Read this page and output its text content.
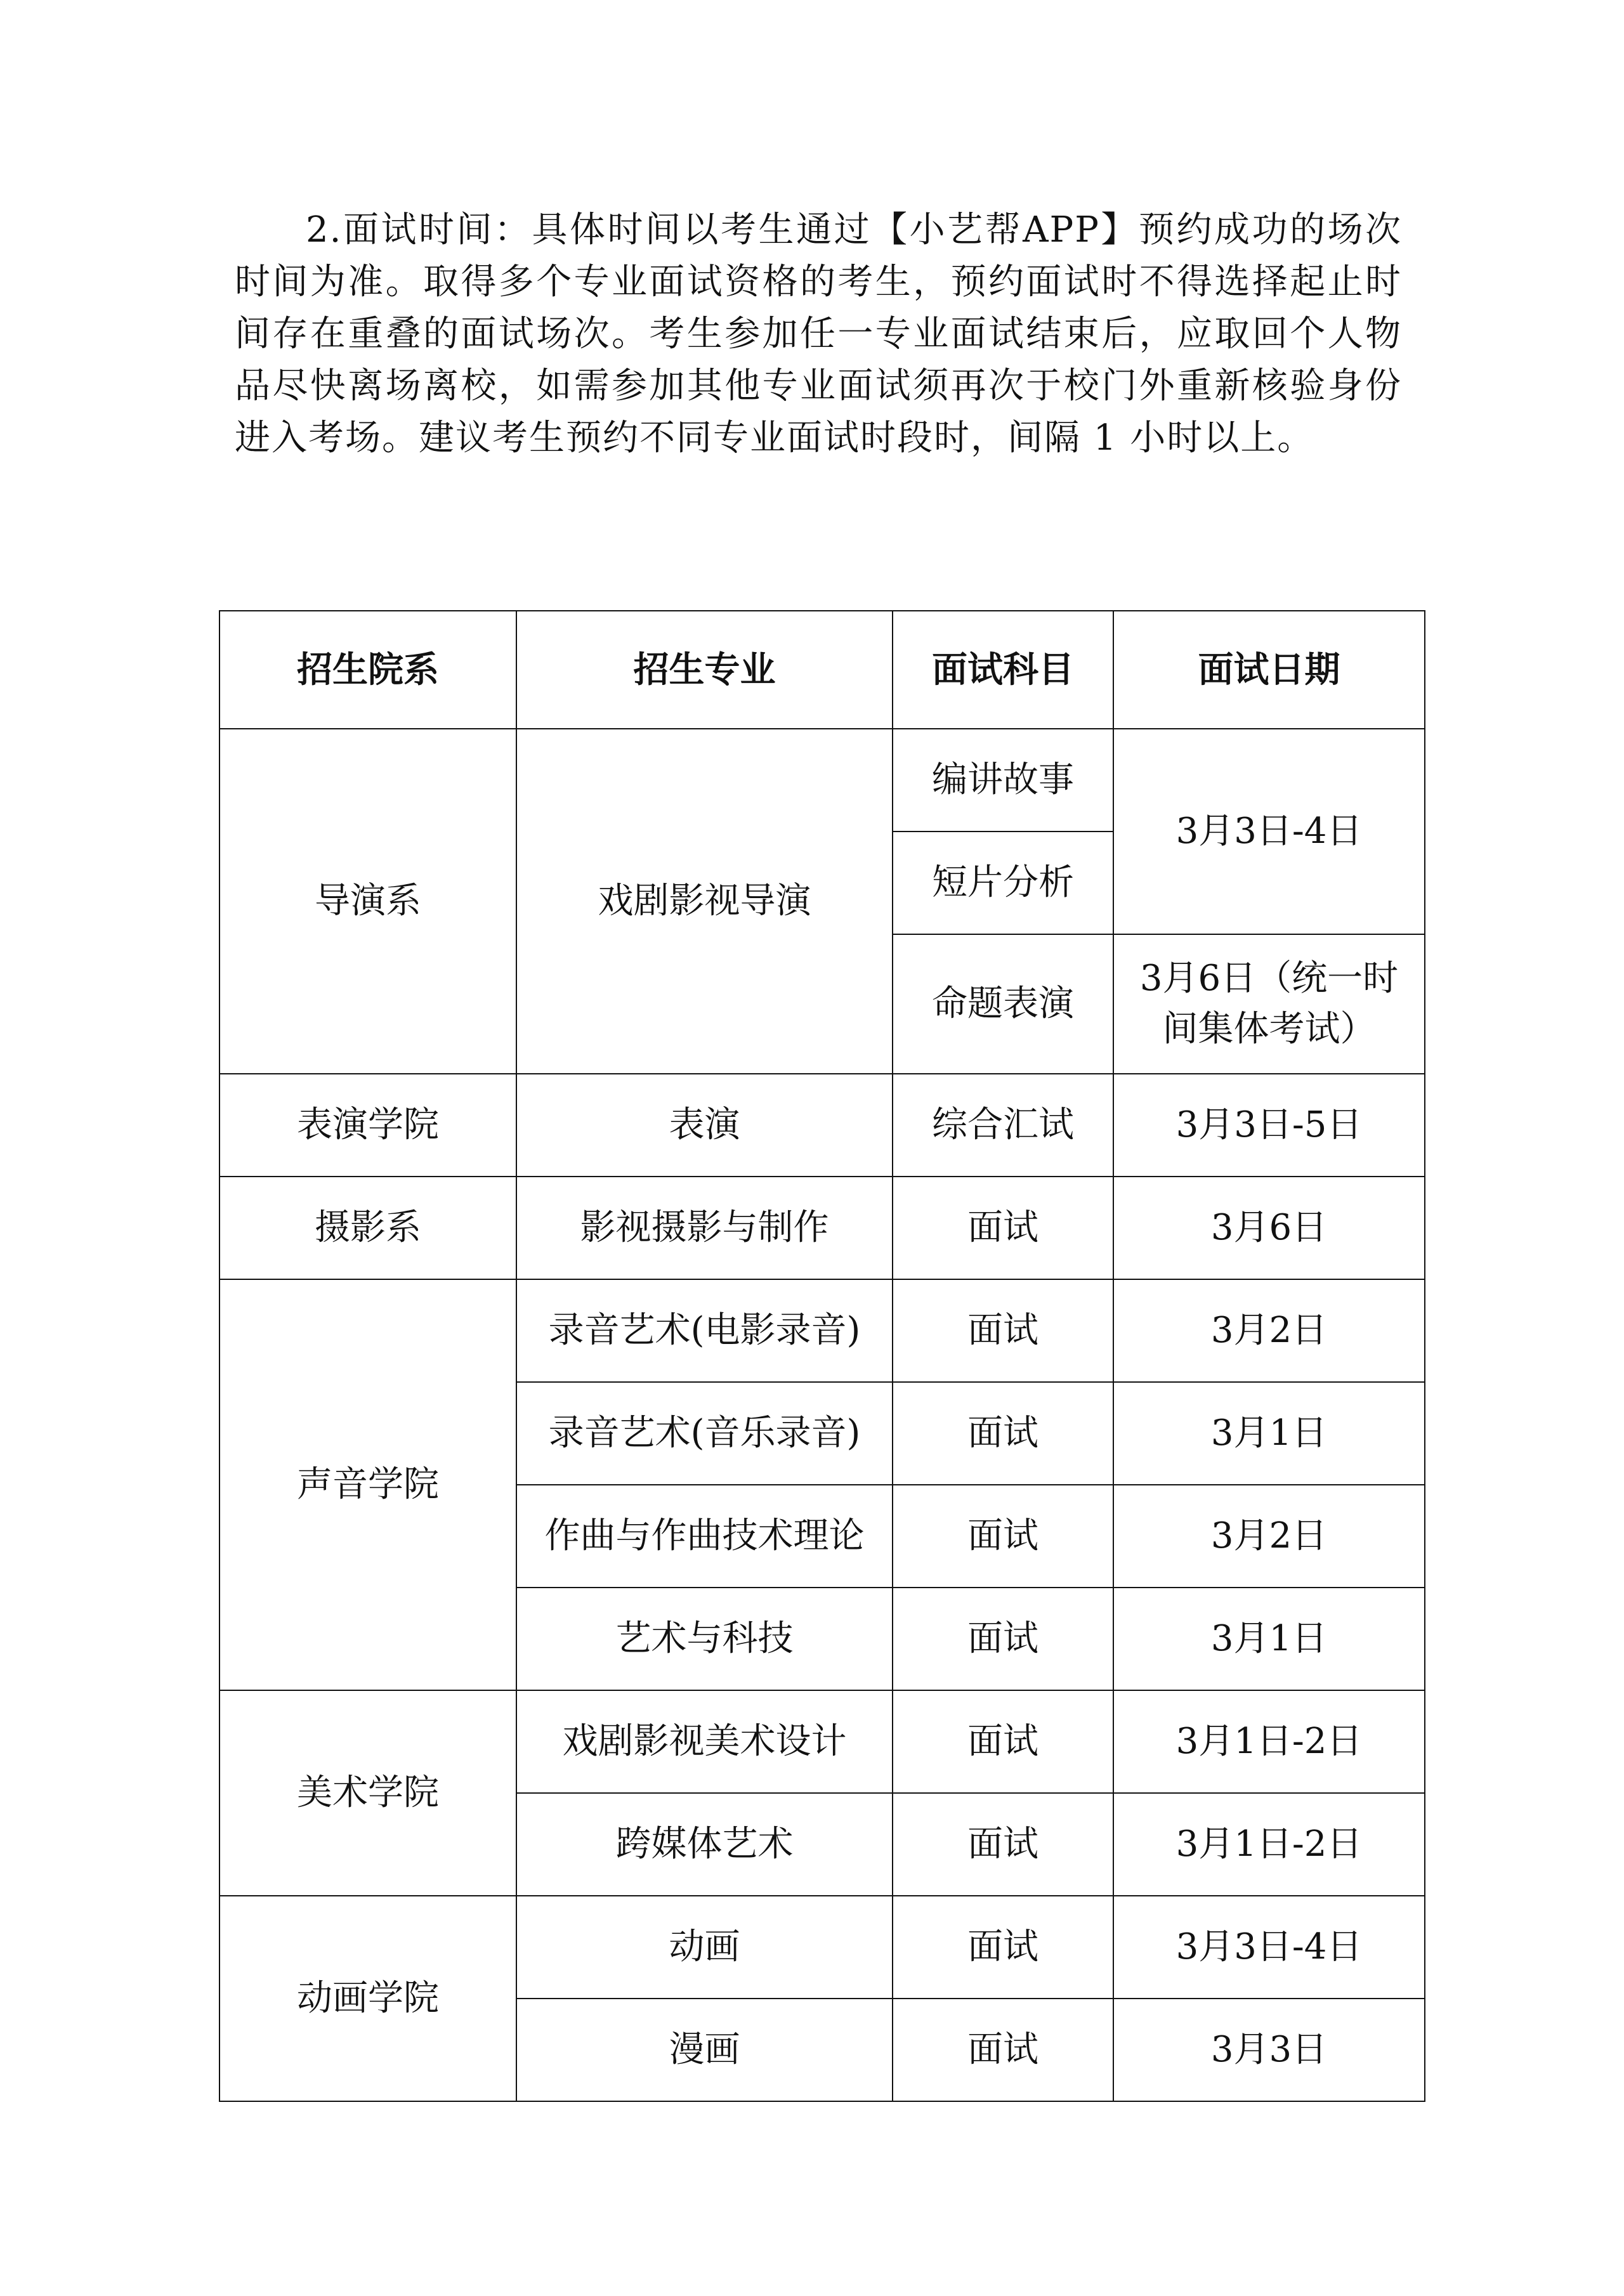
2.面试时间：具体时间以考生通过【小艺帮APP】预约成功的场次时间为准。取得多个专业面试资格的考生，预约面试时不得选择起止时间存在重叠的面试场次。考生参加任一专业面试结束后，应取回个人物品尽快离场离校，如需参加其他专业面试须再次于校门外重新核验身份进入考场。建议考生预约不同专业面试时段时，间隔 1 小时以上。

招生院系	招生专业	面试科目	面试日期
导演系	戏剧影视导演	编讲故事	3月3日-4日
		短片分析	
		命题表演	3月6日（统一时间集体考试）
表演学院	表演	综合汇试	3月3日-5日
摄影系	影视摄影与制作	面试	3月6日
声音学院	录音艺术(电影录音)	面试	3月2日
	录音艺术(音乐录音)	面试	3月1日
	作曲与作曲技术理论	面试	3月2日
	艺术与科技	面试	3月1日
美术学院	戏剧影视美术设计	面试	3月1日-2日
	跨媒体艺术	面试	3月1日-2日
动画学院	动画	面试	3月3日-4日
	漫画	面试	3月3日
